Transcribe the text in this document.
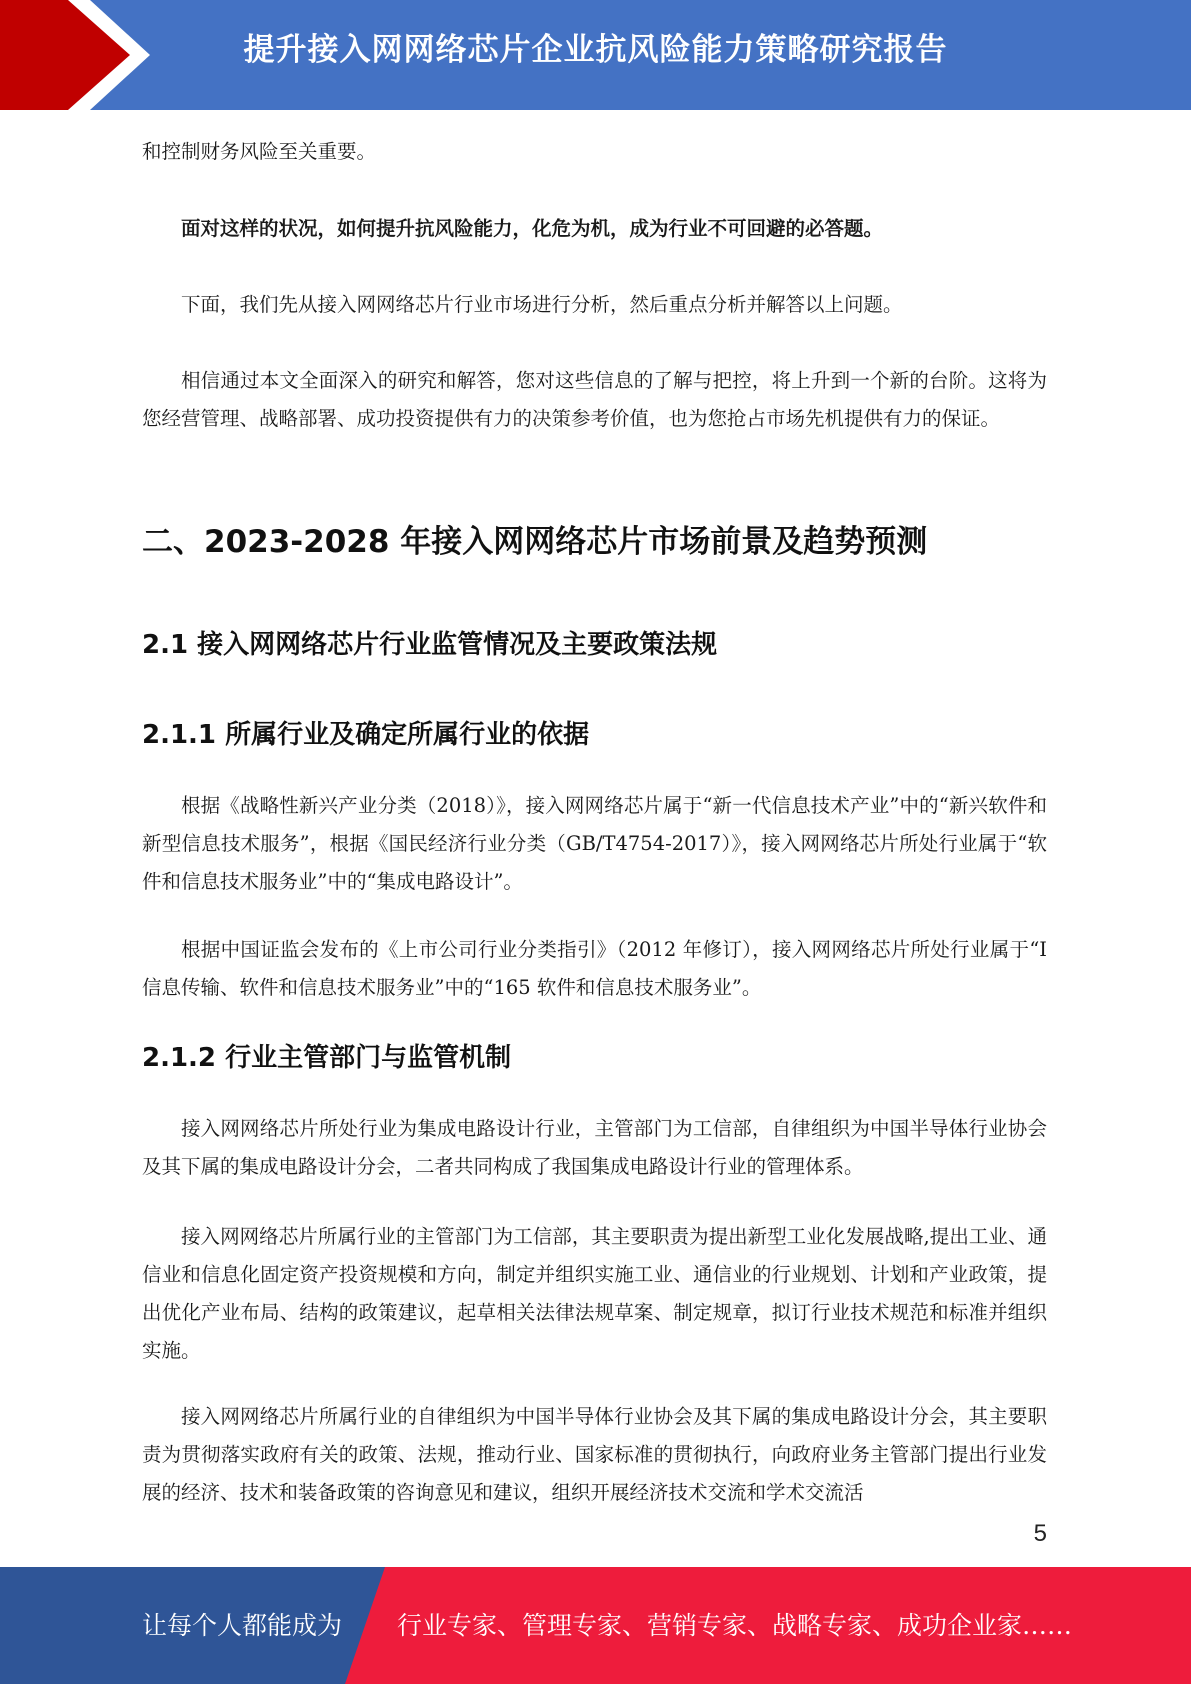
提升接入网网络芯片企业抗风险能力策略研究报告

和控制财务风险至关重要。

面对这样的状况，如何提升抗风险能力，化危为机，成为行业不可回避的必答题。

下面，我们先从接入网网络芯片行业市场进行分析，然后重点分析并解答以上问题。

相信通过本文全面深入的研究和解答，您对这些信息的了解与把控，将上升到一个新的台阶。这将为您经营管理、战略部署、成功投资提供有力的决策参考价值，也为您抢占市场先机提供有力的保证。

二、2023-2028 年接入网网络芯片市场前景及趋势预测
2.1 接入网网络芯片行业监管情况及主要政策法规
2.1.1 所属行业及确定所属行业的依据

根据《战略性新兴产业分类（2018）》，接入网网络芯片属于“新一代信息技术产业”中的“新兴软件和新型信息技术服务”，根据《国民经济行业分类（GB/T4754-2017）》，接入网网络芯片所处行业属于“软件和信息技术服务业”中的“集成电路设计”。

根据中国证监会发布的《上市公司行业分类指引》（2012 年修订），接入网网络芯片所处行业属于“I 信息传输、软件和信息技术服务业”中的“165 软件和信息技术服务业”。

2.1.2 行业主管部门与监管机制

接入网网络芯片所处行业为集成电路设计行业，主管部门为工信部，自律组织为中国半导体行业协会及其下属的集成电路设计分会，二者共同构成了我国集成电路设计行业的管理体系。

接入网网络芯片所属行业的主管部门为工信部，其主要职责为提出新型工业化发展战略,提出工业、通信业和信息化固定资产投资规模和方向，制定并组织实施工业、通信业的行业规划、计划和产业政策，提出优化产业布局、结构的政策建议，起草相关法律法规草案、制定规章，拟订行业技术规范和标准并组织实施。

接入网网络芯片所属行业的自律组织为中国半导体行业协会及其下属的集成电路设计分会，其主要职责为贯彻落实政府有关的政策、法规，推动行业、国家标准的贯彻执行，向政府业务主管部门提出行业发展的经济、技术和装备政策的咨询意见和建议，组织开展经济技术交流和学术交流活

5
让每个人都能成为 行业专家、管理专家、营销专家、战略专家、成功企业家……
